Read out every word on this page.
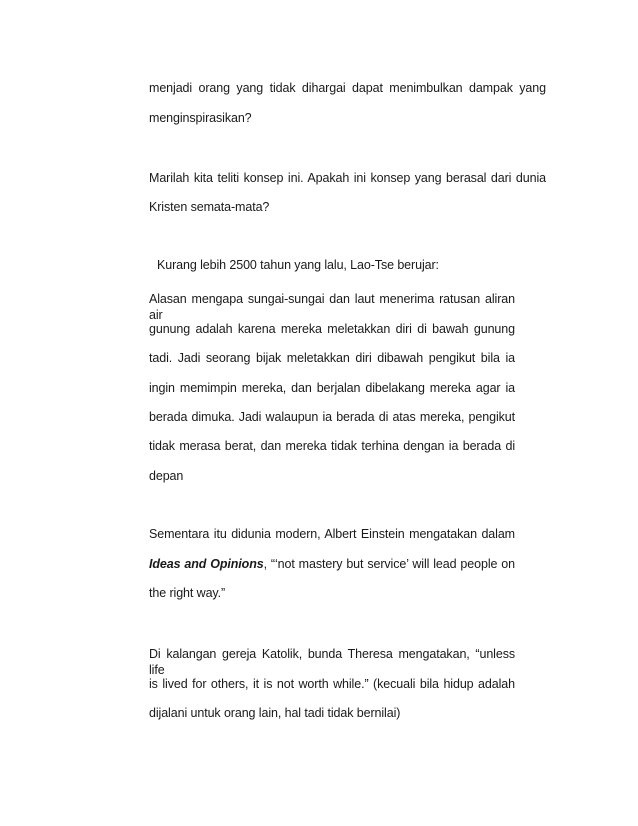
menjadi orang yang tidak dihargai dapat menimbulkan dampak yang
menginspirasikan?
Marilah kita teliti konsep ini. Apakah ini konsep yang berasal dari dunia
Kristen semata-mata?
Kurang lebih 2500 tahun yang lalu, Lao-Tse berujar:
Alasan mengapa sungai-sungai dan laut menerima ratusan aliran air
gunung adalah karena mereka meletakkan diri di bawah gunung
tadi. Jadi seorang bijak meletakkan diri dibawah pengikut bila ia
ingin memimpin mereka, dan berjalan dibelakang mereka agar ia
berada dimuka. Jadi walaupun ia berada di atas mereka, pengikut
tidak merasa berat, dan mereka tidak terhina dengan ia berada di
depan
Sementara itu didunia modern, Albert Einstein mengatakan dalam
Ideas and Opinions, “‘not mastery but service’ will lead people on
the right way.”
Di kalangan gereja Katolik, bunda Theresa mengatakan, “unless life
is lived for others, it is not worth while.” (kecuali bila hidup adalah
dijalani untuk orang lain, hal tadi tidak bernilai)
